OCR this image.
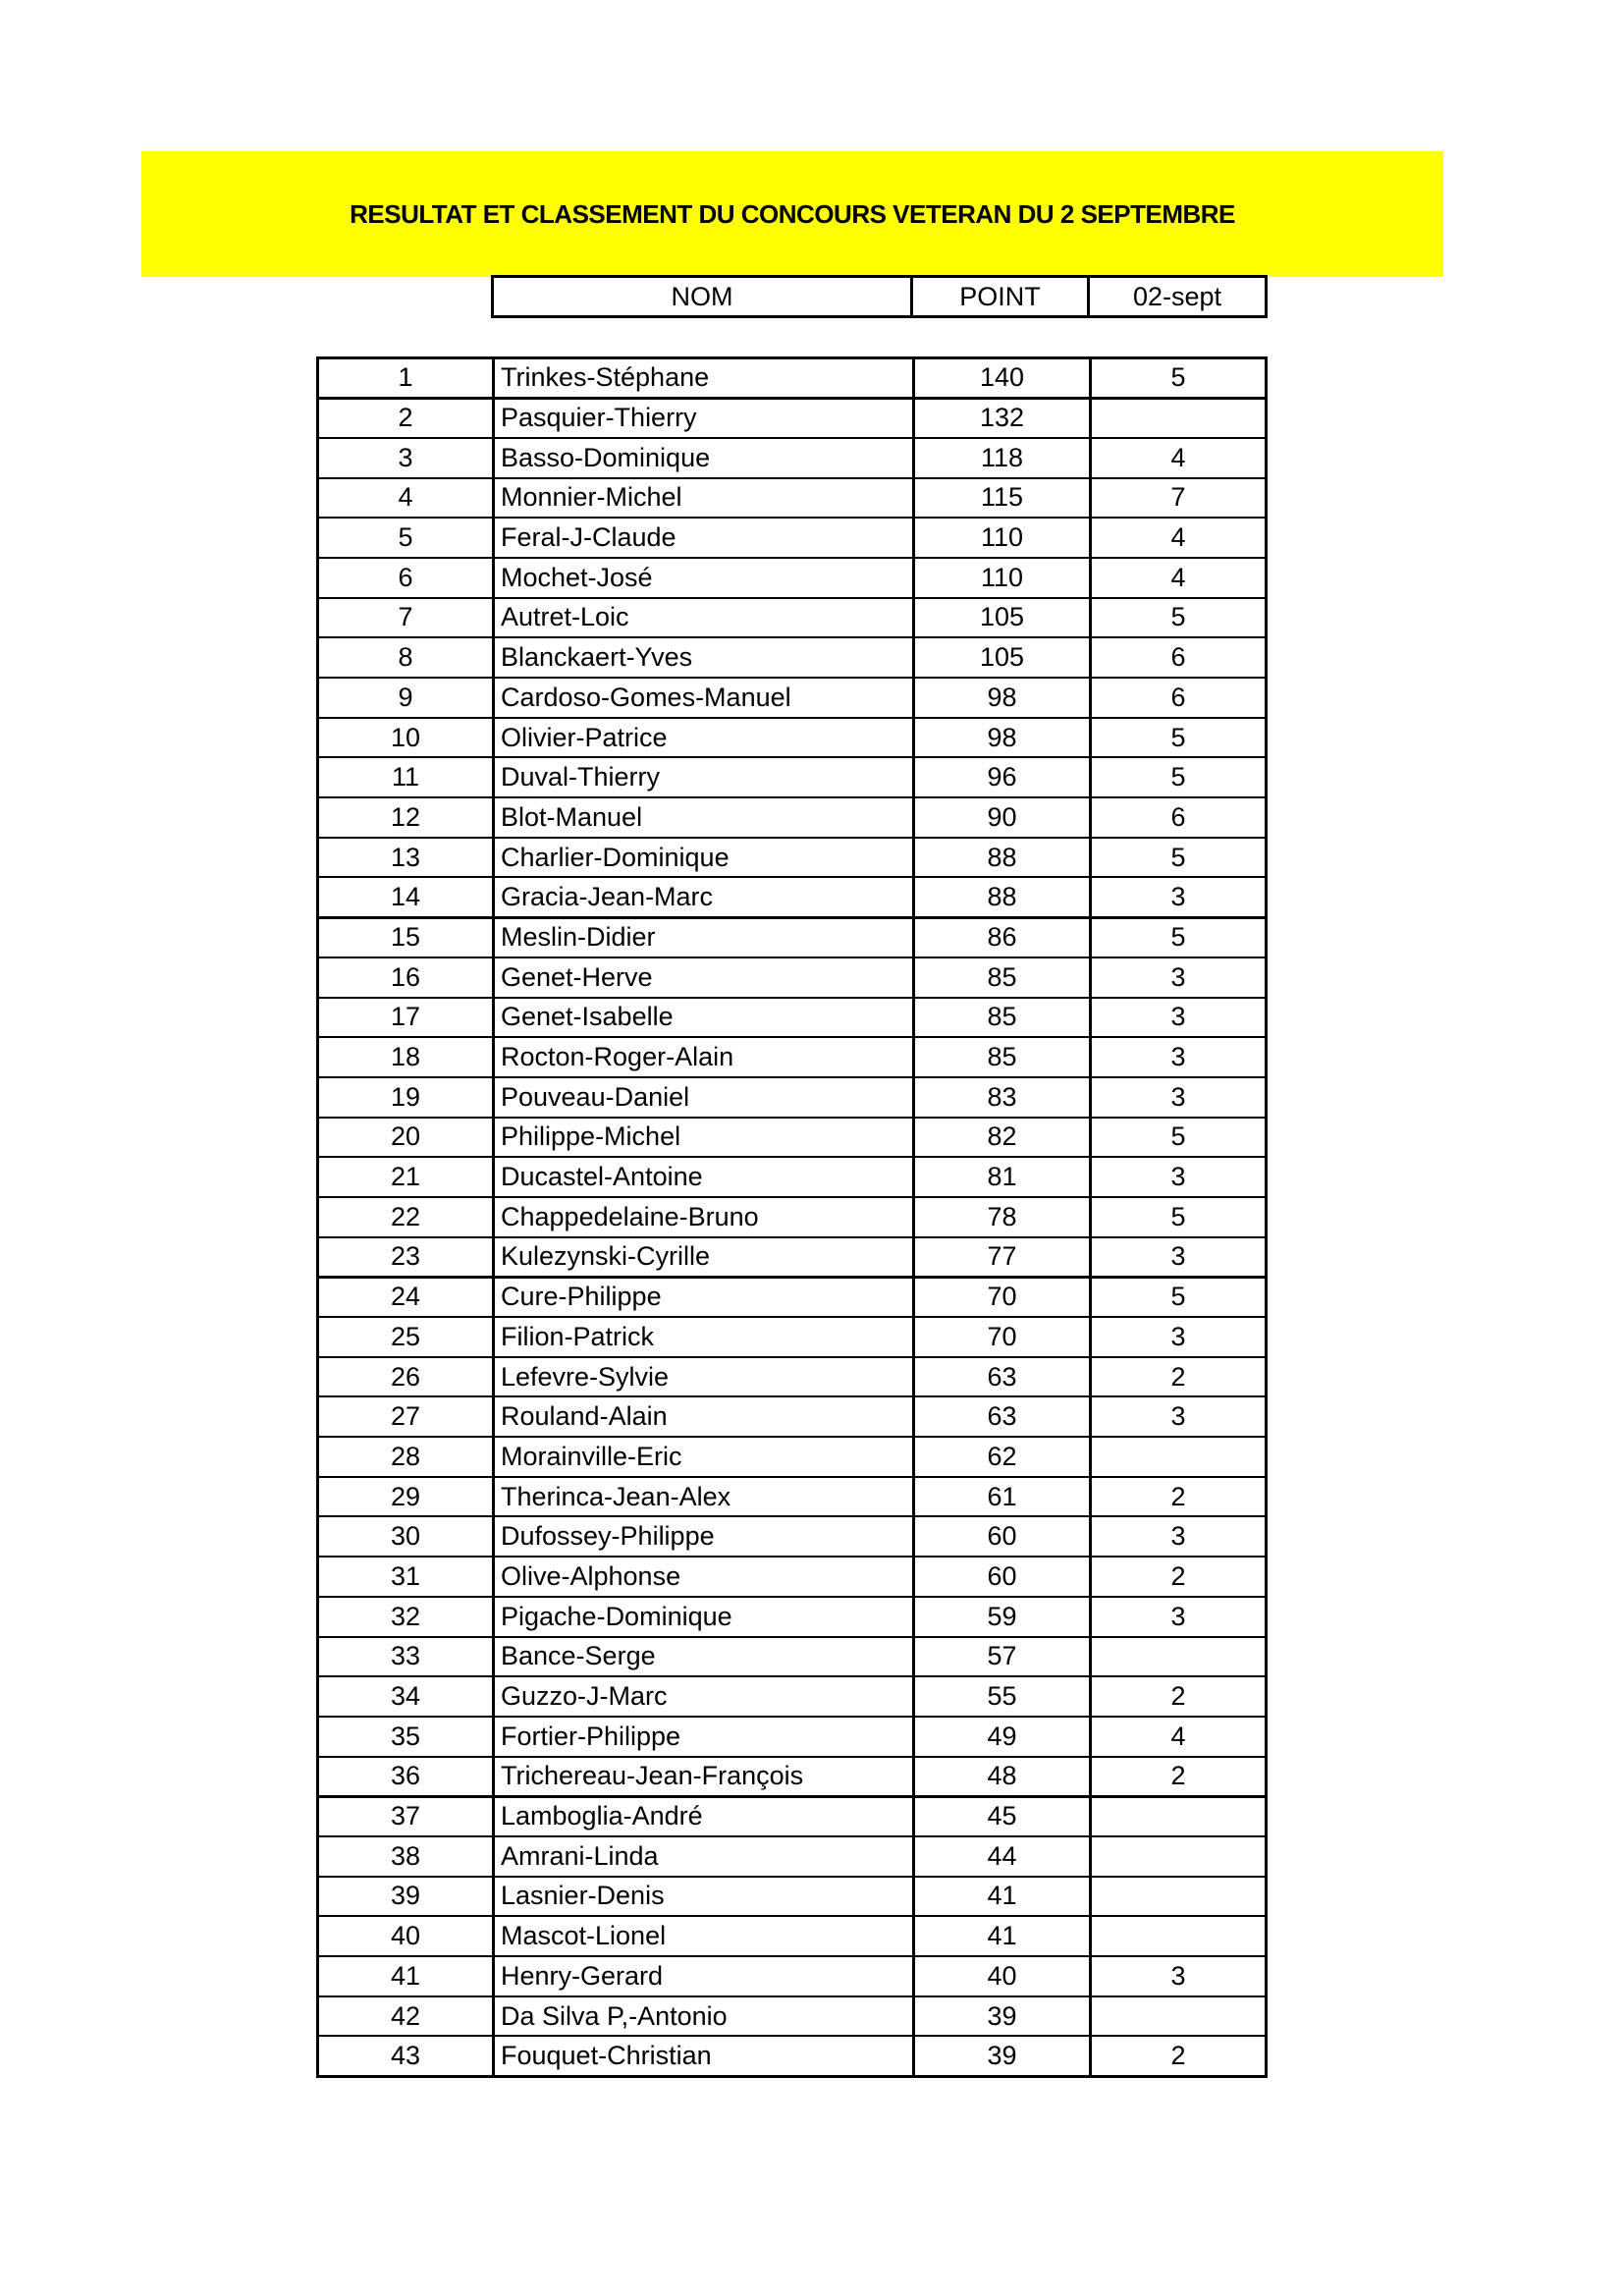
RESULTAT ET CLASSEMENT DU CONCOURS VETERAN DU 2 SEPTEMBRE
NOM	POINT	02-sept
1	Trinkes-Stéphane	140	5
2	Pasquier-Thierry	132	
3	Basso-Dominique	118	4
4	Monnier-Michel	115	7
5	Feral-J-Claude	110	4
6	Mochet-José	110	4
7	Autret-Loic	105	5
8	Blanckaert-Yves	105	6
9	Cardoso-Gomes-Manuel	98	6
10	Olivier-Patrice	98	5
11	Duval-Thierry	96	5
12	Blot-Manuel	90	6
13	Charlier-Dominique	88	5
14	Gracia-Jean-Marc	88	3
15	Meslin-Didier	86	5
16	Genet-Herve	85	3
17	Genet-Isabelle	85	3
18	Rocton-Roger-Alain	85	3
19	Pouveau-Daniel	83	3
20	Philippe-Michel	82	5
21	Ducastel-Antoine	81	3
22	Chappedelaine-Bruno	78	5
23	Kulezynski-Cyrille	77	3
24	Cure-Philippe	70	5
25	Filion-Patrick	70	3
26	Lefevre-Sylvie	63	2
27	Rouland-Alain	63	3
28	Morainville-Eric	62	
29	Therinca-Jean-Alex	61	2
30	Dufossey-Philippe	60	3
31	Olive-Alphonse	60	2
32	Pigache-Dominique	59	3
33	Bance-Serge	57	
34	Guzzo-J-Marc	55	2
35	Fortier-Philippe	49	4
36	Trichereau-Jean-François	48	2
37	Lamboglia-André	45	
38	Amrani-Linda	44	
39	Lasnier-Denis	41	
40	Mascot-Lionel	41	
41	Henry-Gerard	40	3
42	Da Silva P,-Antonio	39	
43	Fouquet-Christian	39	2
